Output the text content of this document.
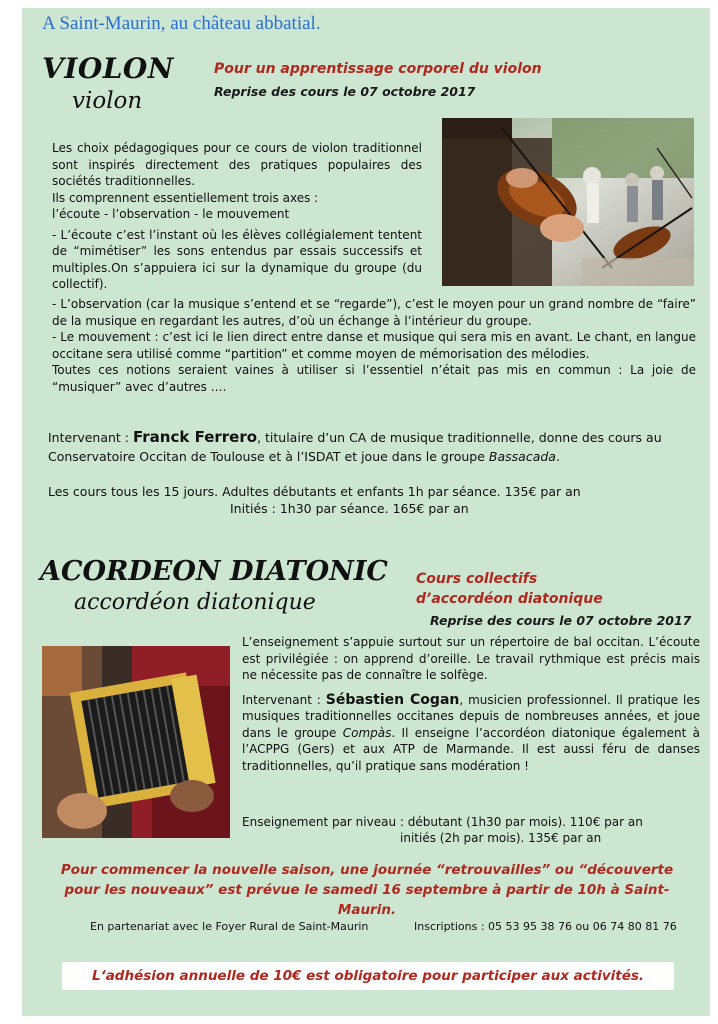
A Saint-Maurin, au château abbatial.
VIOLON
violon
Pour un apprentissage corporel du violon
Reprise des cours le 07 octobre 2017

Les choix pédagogiques pour ce cours de violon traditionnel sont inspirés directement des pratiques populaires des sociétés traditionnelles.

Ils comprennent essentiellement trois axes :

l’écoute - l’observation - le mouvement

- L’écoute c’est l’instant où les élèves collégialement tentent de “mimétiser” les sons entendus par essais successifs et multiples.On s’appuiera ici sur la dynamique du groupe (du collectif).

- L’observation (car la musique s’entend et se “regarde”), c’est le moyen pour un grand nombre de “faire” de la musique en regardant les autres, d’où un échange à l’intérieur du groupe.

- Le mouvement : c’est ici le lien direct entre danse et musique qui sera mis en avant. Le chant, en langue occitane sera utilisé comme “partition” et comme moyen de mémorisation des mélodies.

Toutes ces notions seraient vaines à utiliser si l’essentiel n’était pas mis en commun : La joie de “musiquer” avec d’autres ….

Intervenant : Franck Ferrero, titulaire d’un CA de musique traditionnelle, donne des cours au Conservatoire Occitan de Toulouse et à l’ISDAT et joue dans le groupe Bassacada.
Les cours tous les 15 jours. Adultes débutants et enfants 1h par séance. 135€ par an
Initiés : 1h30 par séance. 165€ par an
ACORDEON DIATONIC
accordéon diatonique
Cours collectifs
d’accordéon diatonique
Reprise des cours le 07 octobre 2017

L’enseignement s’appuie surtout sur un répertoire de bal occitan. L’écoute est privilégiée : on apprend d’oreille. Le travail rythmique est précis mais ne nécessite pas de connaître le solfège.

Intervenant : Sébastien Cogan, musicien professionnel. Il pratique les musiques traditionnelles occitanes depuis de nombreuses années, et joue dans le groupe Compàs. Il enseigne l’accordéon diatonique également à l’ACPPG (Gers) et aux ATP de Marmande. Il est aussi féru de danses traditionnelles, qu’il pratique sans modération !

Enseignement par niveau : débutant (1h30 par mois). 110€ par an
initiés (2h par mois). 135€ par an
Pour commencer la nouvelle saison, une journée “retrouvailles” ou “découverte
pour les nouveaux” est prévue le samedi 16 septembre à partir de 10h à Saint-Maurin.
En partenariat avec le Foyer Rural de Saint-Maurin	Inscriptions : 05 53 95 38 76 ou 06 74 80 81 76
L‘adhésion annuelle de 10€ est obligatoire pour participer aux activités.
